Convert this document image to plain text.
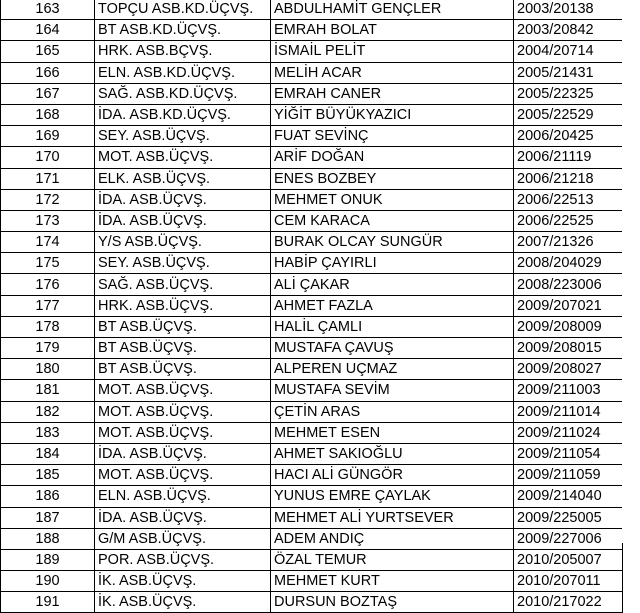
163	TOPÇU ASB.KD.ÜÇVŞ.	ABDULHAMİT GENÇLER	2003/20138
164	BT ASB.KD.ÜÇVŞ.	EMRAH BOLAT	2003/20842
165	HRK. ASB.BÇVŞ.	İSMAİL PELİT	2004/20714
166	ELN. ASB.KD.ÜÇVŞ.	MELİH ACAR	2005/21431
167	SAĞ. ASB.KD.ÜÇVŞ.	EMRAH CANER	2005/22325
168	İDA. ASB.KD.ÜÇVŞ.	YİĞİT BÜYÜKYAZICI	2005/22529
169	SEY. ASB.ÜÇVŞ.	FUAT SEVİNÇ	2006/20425
170	MOT. ASB.ÜÇVŞ.	ARİF DOĞAN	2006/21119
171	ELK. ASB.ÜÇVŞ.	ENES BOZBEY	2006/21218
172	İDA. ASB.ÜÇVŞ.	MEHMET ONUK	2006/22513
173	İDA. ASB.ÜÇVŞ.	CEM KARACA	2006/22525
174	Y/S ASB.ÜÇVŞ.	BURAK OLCAY SUNGÜR	2007/21326
175	SEY. ASB.ÜÇVŞ.	HABİP ÇAYIRLI	2008/204029
176	SAĞ. ASB.ÜÇVŞ.	ALİ ÇAKAR	2008/223006
177	HRK. ASB.ÜÇVŞ.	AHMET FAZLA	2009/207021
178	BT ASB.ÜÇVŞ.	HALİL ÇAMLI	2009/208009
179	BT ASB.ÜÇVŞ.	MUSTAFA ÇAVUŞ	2009/208015
180	BT ASB.ÜÇVŞ.	ALPEREN UÇMAZ	2009/208027
181	MOT. ASB.ÜÇVŞ.	MUSTAFA SEVİM	2009/211003
182	MOT. ASB.ÜÇVŞ.	ÇETİN ARAS	2009/211014
183	MOT. ASB.ÜÇVŞ.	MEHMET ESEN	2009/211024
184	İDA. ASB.ÜÇVŞ.	AHMET SAKIOĞLU	2009/211054
185	MOT. ASB.ÜÇVŞ.	HACI ALİ GÜNGÖR	2009/211059
186	ELN. ASB.ÜÇVŞ.	YUNUS EMRE ÇAYLAK	2009/214040
187	İDA. ASB.ÜÇVŞ.	MEHMET ALİ YURTSEVER	2009/225005
188	G/M ASB.ÜÇVŞ.	ADEM ANDIÇ	2009/227006
189	POR. ASB.ÜÇVŞ.	ÖZAL TEMUR	2010/205007
190	İK. ASB.ÜÇVŞ.	MEHMET KURT	2010/207011
191	İK. ASB.ÜÇVŞ.	DURSUN BOZTAŞ	2010/217022
